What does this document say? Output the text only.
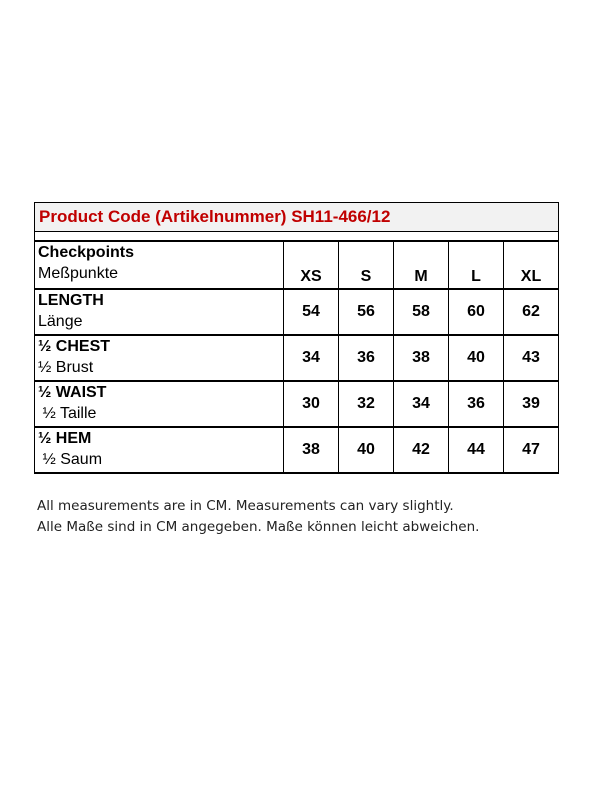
Product Code (Artikelnummer) SH11-466/12					

Checkpoints
Meßpunkte	XS	S	M	L	XL

LENGTH
Länge	54	56	58	60	62

½ CHEST
½ Brust	34	36	38	40	43

½ WAIST
½ Taille	30	32	34	36	39

½ HEM
½ Saum	38	40	42	44	47
All measurements are in CM. Measurements can vary slightly.
Alle Maße sind in CM angegeben. Maße können leicht abweichen.
